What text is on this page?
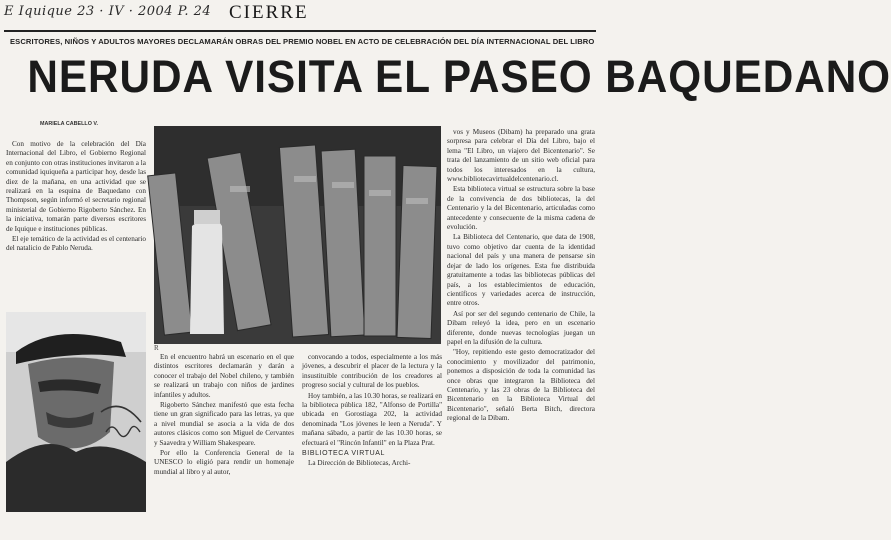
E Iquique 23 · IV · 2004 P. 24 CIERRE
ESCRITORES, NIÑOS Y ADULTOS MAYORES DECLAMARÁN OBRAS DEL PREMIO NOBEL EN ACTO DE CELEBRACIÓN DEL DÍA INTERNACIONAL DEL LIBRO
NERUDA VISITA EL PASEO BAQUEDANO
MARIELA CABELLO V.

Con motivo de la celebración del Día Internacional del Libro, el Gobierno Regional en conjunto con otras instituciones invitaron a la comunidad iquiqueña a participar hoy, desde las diez de la mañana, en una actividad que se realizará en la esquina de Baquedano con Thompson, según informó el secretario regional ministerial de Gobierno Rigoberto Sánchez. En la iniciativa, tomarán parte diversos escritores de Iquique e instituciones públicas.

El eje temático de la actividad es el centenario del natalicio de Pablo Neruda.

R

En el encuentro habrá un escenario en el que distintos escritores declamarán y darán a conocer el trabajo del Nobel chileno, y también se realizará un trabajo con niños de jardines infantiles y adultos.

Rigoberto Sánchez manifestó que esta fecha tiene un gran significado para las letras, ya que a nivel mundial se asocia a la vida de dos autores clásicos como son Miguel de Cervantes y Saavedra y William Shakespeare.

Por ello la Conferencia General de la UNESCO lo eligió para rendir un homenaje mundial al libro y al autor,

convocando a todos, especialmente a los más jóvenes, a descubrir el placer de la lectura y la insustituible contribución de los creadores al progreso social y cultural de los pueblos.

Hoy también, a las 10.30 horas, se realizará en la biblioteca pública 182, "Alfonso de Portilla" ubicada en Gorostiaga 202, la actividad denominada "Los jóvenes le leen a Neruda". Y mañana sábado, a partir de las 10.30 horas, se efectuará el "Rincón Infantil" en la Plaza Prat.

BIBLIOTECA VIRTUAL

La Dirección de Bibliotecas, Archi-

vos y Museos (Dibam) ha preparado una grata sorpresa para celebrar el Día del Libro, bajo el lema "El Libro, un viajero del Bicentenario". Se trata del lanzamiento de un sitio web oficial para todos los interesados en la cultura, www.bibliotecavirtualdelcentenario.cl.

Esta biblioteca virtual se estructura sobre la base de la convivencia de dos bibliotecas, la del Centenario y la del Bicentenario, articuladas como antecedente y consecuente de la misma cadena de evolución.

La Biblioteca del Centenario, que data de 1908, tuvo como objetivo dar cuenta de la identidad nacional del país y una manera de pensarse sin dejar de lado los orígenes. Esta fue distribuida gratuitamente a todas las bibliotecas públicas del país, a los establecimientos de educación, científicos y variedades acerca de instrucción, entre otros.

Así por ser del segundo centenario de Chile, la Dibam releyó la idea, pero en un escenario diferente, donde nuevas tecnologías juegan un papel en la difusión de la cultura.

"Hoy, repitiendo este gesto democratizador del conocimiento y movilizador del patrimonio, ponemos a disposición de toda la comunidad las once obras que integraron la Biblioteca del Centenario, y las 23 obras de la Biblioteca del Bicentenario en la Biblioteca Virtual del Bicentenario", señaló Berta Bitch, directora regional de la Dibam.
